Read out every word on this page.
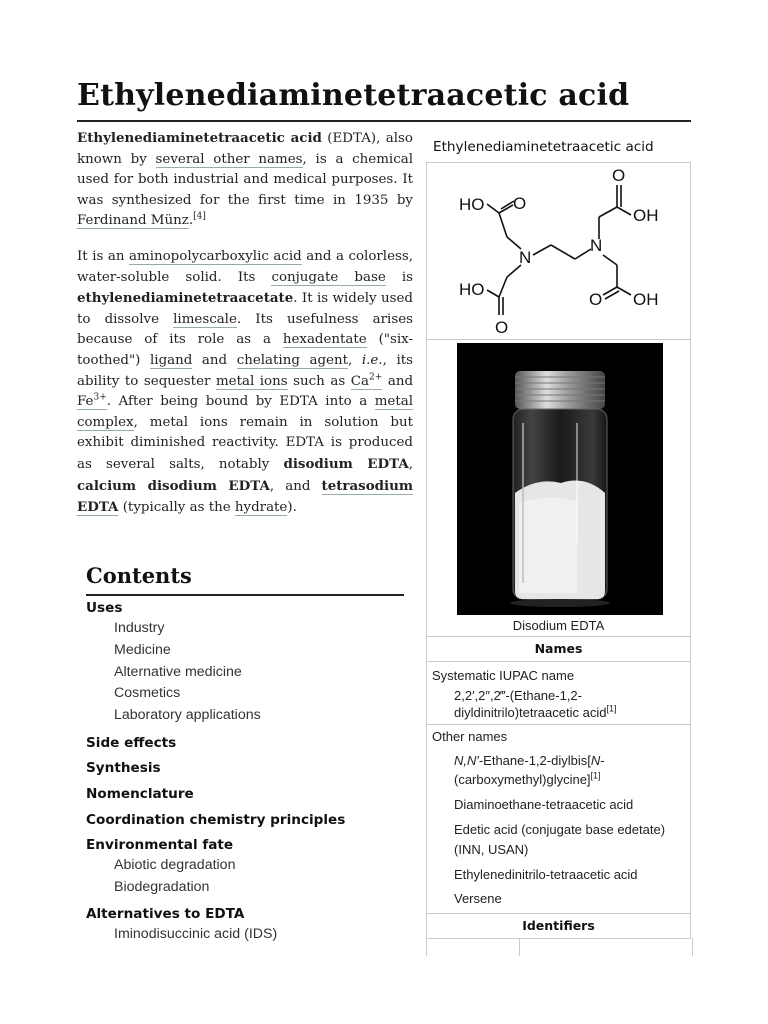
Ethylenediaminetetraacetic acid
Ethylenediaminetetraacetic acid (EDTA), also known by several other names, is a chemical used for both industrial and medical purposes. It was synthesized for the first time in 1935 by Ferdinand Münz.[4]
It is an aminopolycarboxylic acid and a colorless, water-soluble solid. Its conjugate base is ethylenediaminetetraacetate. It is widely used to dissolve limescale. Its usefulness arises because of its role as a hexadentate ("six-toothed") ligand and chelating agent, i.e., its ability to sequester metal ions such as $Ca^{2+}$ and $Fe^{3+}$. After being bound by EDTA into a metal complex, metal ions remain in solution but exhibit diminished reactivity. EDTA is produced as several salts, notably disodium EDTA, calcium disodium EDTA, and tetrasodium EDTA (typically as the hydrate).
Contents
Uses
Industry
Medicine
Alternative medicine
Cosmetics
Laboratory applications
Side effects
Synthesis
Nomenclature
Coordination chemistry principles
Environmental fate
Abiotic degradation
Biodegradation
Alternatives to EDTA
Iminodisuccinic acid (IDS)
Ethylenediaminetetraacetic acid
HO O
O
OH
N
N
HO
O
O OH
Disodium EDTA
Names
Systematic IUPAC name
2,2′,2″,2‴-(Ethane-1,2-
diyldinitrilo)tetraacetic acid[1]
Other names
N,N′-Ethane-1,2-diylbis[N-
(carboxymethyl)glycine][1]
Diaminoethane-tetraacetic acid
Edetic acid (conjugate base edetate)
(INN, USAN)
Ethylenedinitrilo-tetraacetic acid
Versene
Identifiers
